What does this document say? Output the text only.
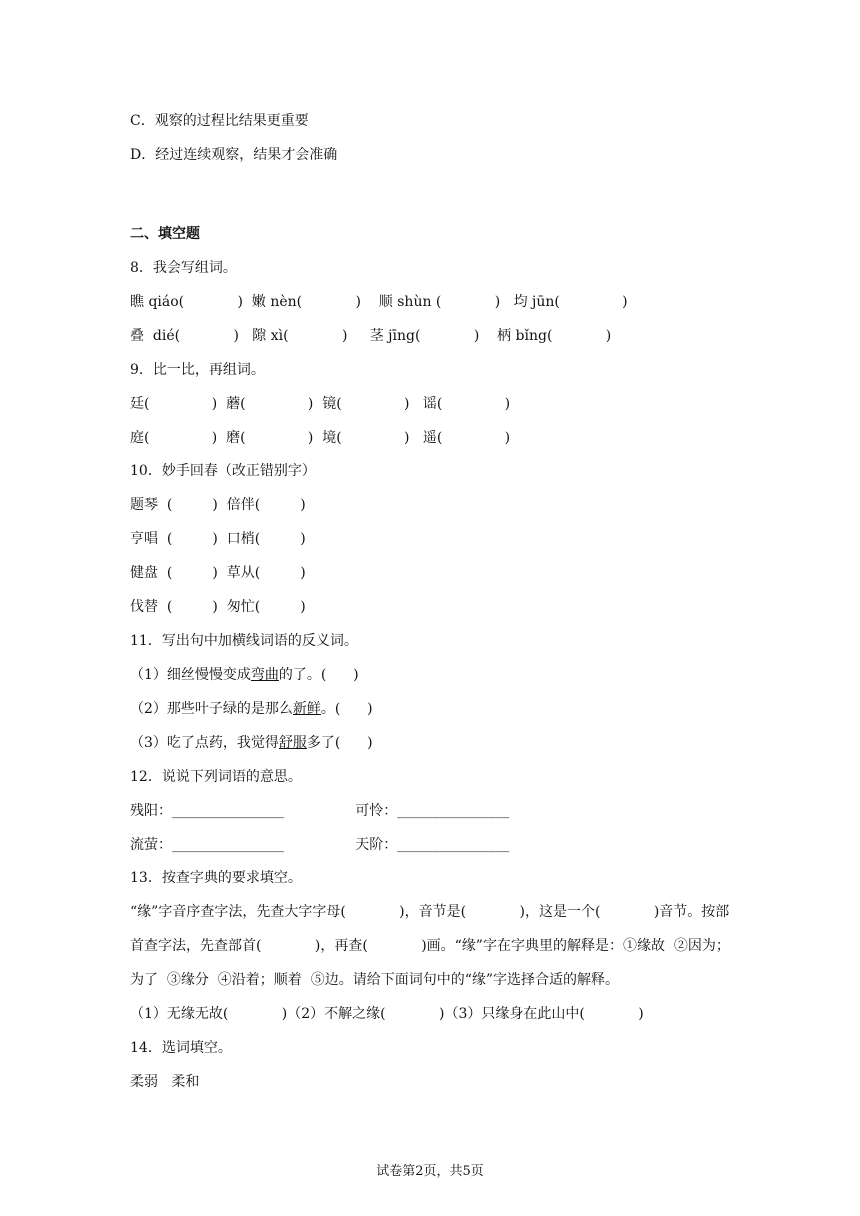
C．观察的过程比结果更重要
D．经过连续观察，结果才会准确
二、填空题
8．我会写组词。
瞧 qiáo(            )  嫩 nèn(            )    顺 shùn (            )   均 jūn(              )
叠  dié(            )   隙 xì(            )     茎 jīng(            )    柄 bǐng(            )
9．比一比，再组词。
廷(              )  蘑(              )  镜(              )   谣(              )
庭(              )  磨(              )  境(              )   遥(              )
10．妙手回春（改正错别字）
题琴  (         )  倍伴(         )
亨唱  (         )  口梢(         )
健盘  (         )  草从(         )
伐替  (         )  匆忙(         )
11．写出句中加横线词语的反义词。
（1）细丝慢慢变成弯曲的了。(      )
（2）那些叶子绿的是那么新鲜。(      )
（3）吃了点药，我觉得舒服多了(      )
12．说说下列词语的意思。
残阳：________________                可怜：________________
流萤：________________                天阶：________________
13．按查字典的要求填空。
“缘”字音序查字法，先查大字字母(            )，音节是(            )，这是一个(            )音节。按部
首查字法，先查部首(            )，再查(            )画。“缘”字在字典里的解释是：①缘故  ②因为；
为了  ③缘分  ④沿着；顺着  ⑤边。请给下面词句中的“缘”字选择合适的解释。
（1）无缘无故(            )（2）不解之缘(            )（3）只缘身在此山中(            )
14．选词填空。
柔弱   柔和
试卷第2页，共5页
